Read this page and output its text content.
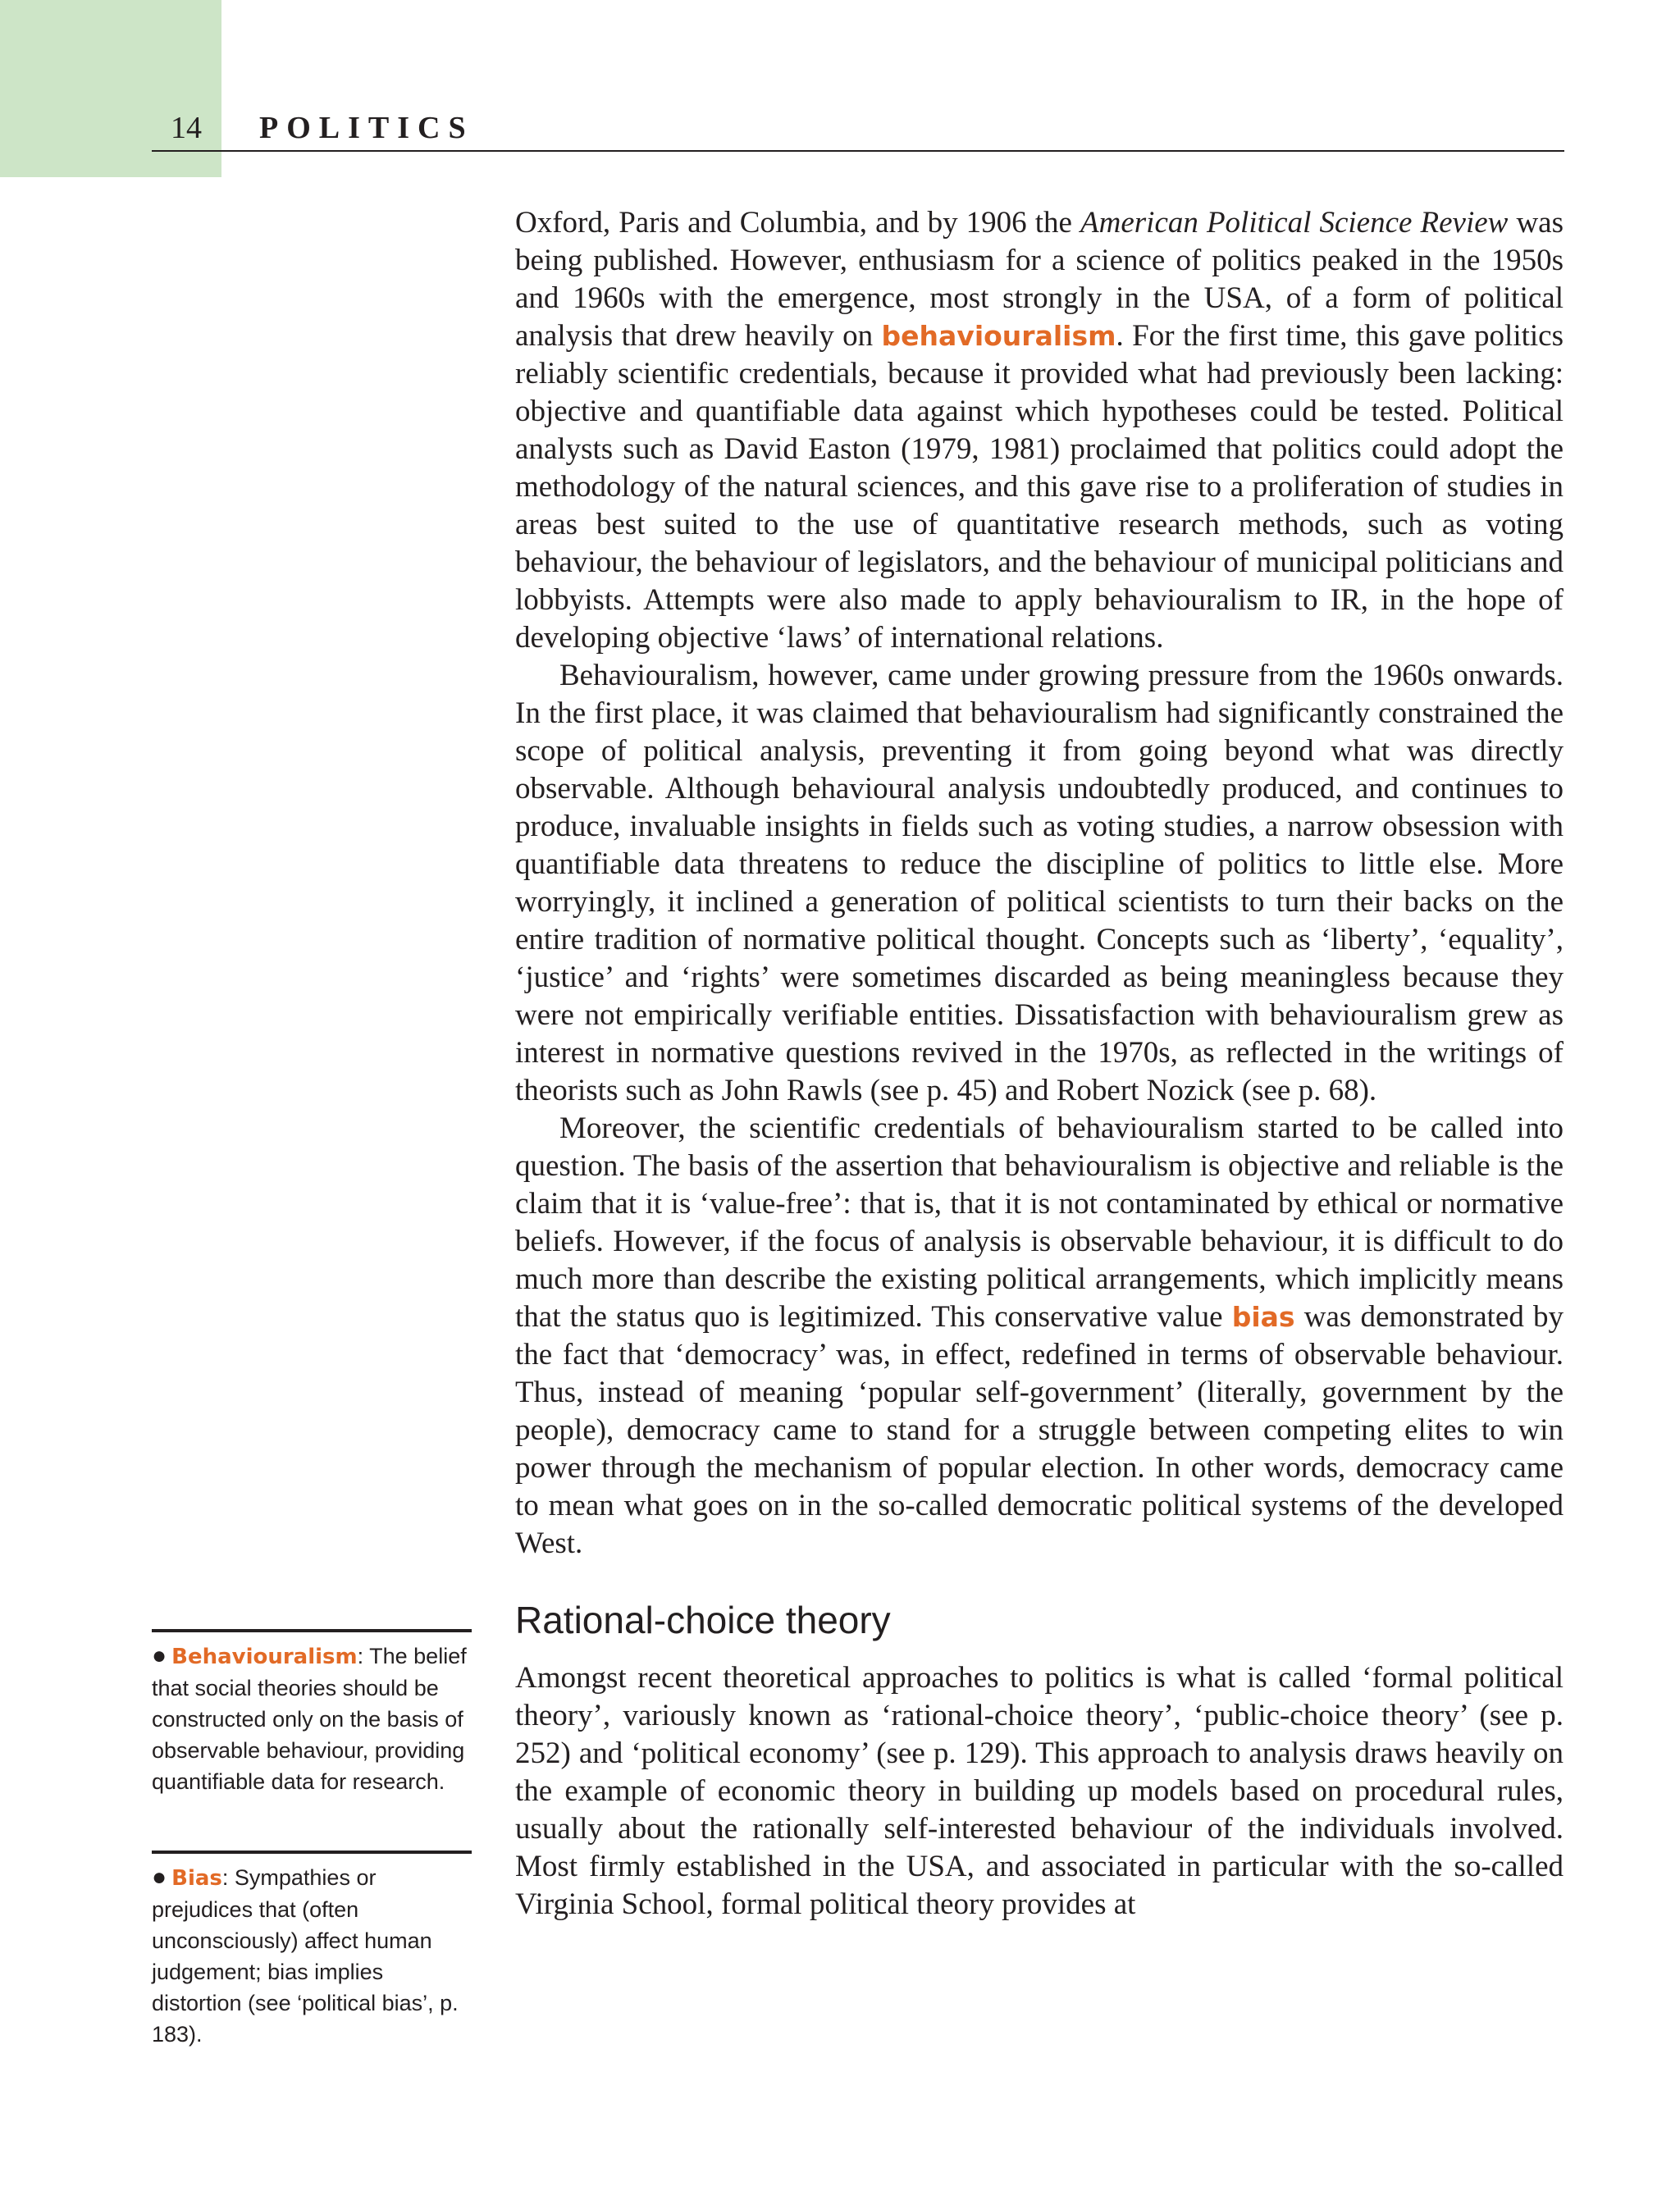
14 POLITICS

Oxford, Paris and Columbia, and by 1906 the American Political Science Review was being published. However, enthusiasm for a science of politics peaked in the 1950s and 1960s with the emergence, most strongly in the USA, of a form of political analysis that drew heavily on behaviouralism. For the first time, this gave politics reliably scientific credentials, because it provided what had previously been lacking: objective and quantifiable data against which hypotheses could be tested. Political analysts such as David Easton (1979, 1981) proclaimed that politics could adopt the methodology of the natural sciences, and this gave rise to a proliferation of studies in areas best suited to the use of quantitative research methods, such as voting behaviour, the behaviour of legislators, and the behaviour of municipal politicians and lobbyists. Attempts were also made to apply behaviouralism to IR, in the hope of developing objective ‘laws’ of international relations.

Behaviouralism, however, came under growing pressure from the 1960s onwards. In the first place, it was claimed that behaviouralism had significantly constrained the scope of political analysis, preventing it from going beyond what was directly observable. Although behavioural analysis undoubtedly produced, and continues to produce, invaluable insights in fields such as voting studies, a narrow obsession with quantifiable data threatens to reduce the discipline of politics to little else. More worryingly, it inclined a generation of political scientists to turn their backs on the entire tradition of normative political thought. Concepts such as ‘liberty’, ‘equality’, ‘justice’ and ‘rights’ were sometimes discarded as being meaningless because they were not empirically verifiable entities. Dissatisfaction with behaviouralism grew as interest in normative questions revived in the 1970s, as reflected in the writings of theorists such as John Rawls (see p. 45) and Robert Nozick (see p. 68).

Moreover, the scientific credentials of behaviouralism started to be called into question. The basis of the assertion that behaviouralism is objective and reliable is the claim that it is ‘value-free’: that is, that it is not contaminated by ethical or normative beliefs. However, if the focus of analysis is observable behaviour, it is difficult to do much more than describe the existing political arrangements, which implicitly means that the status quo is legitimized. This conservative value bias was demonstrated by the fact that ‘democracy’ was, in effect, redefined in terms of observable behaviour. Thus, instead of meaning ‘popular self-government’ (literally, government by the people), democracy came to stand for a struggle between competing elites to win power through the mechanism of popular election. In other words, democracy came to mean what goes on in the so-called democratic political systems of the developed West.

Rational-choice theory

Amongst recent theoretical approaches to politics is what is called ‘formal political theory’, variously known as ‘rational-choice theory’, ‘public-choice theory’ (see p. 252) and ‘political economy’ (see p. 129). This approach to analysis draws heavily on the example of economic theory in building up models based on procedural rules, usually about the rationally self-interested behaviour of the individuals involved. Most firmly established in the USA, and associated in particular with the so-called Virginia School, formal political theory provides at

● Behaviouralism: The belief that social theories should be constructed only on the basis of observable behaviour, providing quantifiable data for research.
● Bias: Sympathies or prejudices that (often unconsciously) affect human judgement; bias implies distortion (see ‘political bias’, p. 183).
